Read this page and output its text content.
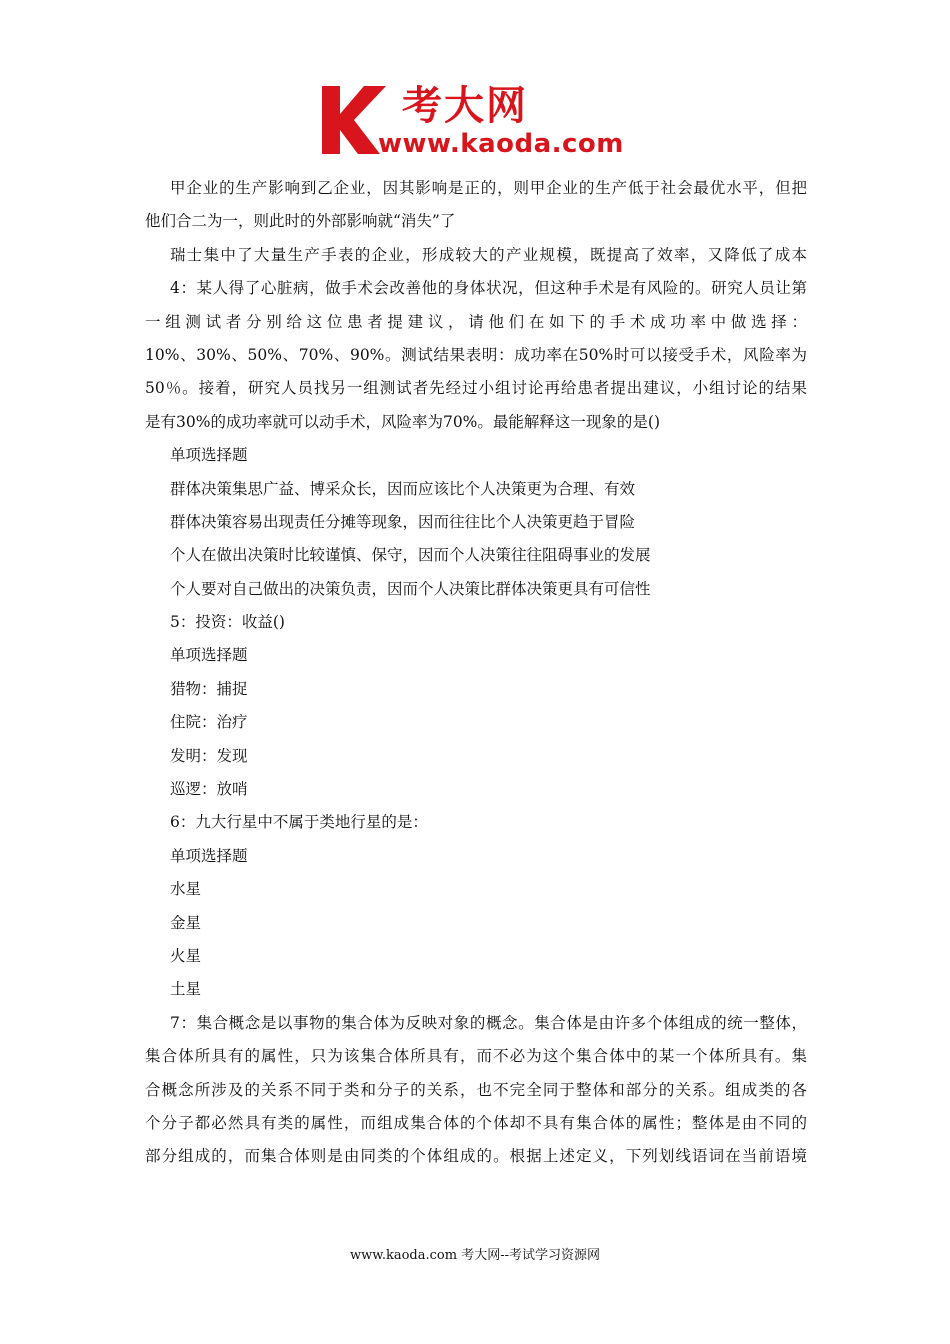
考大网
www.kaoda.com
甲企业的生产影响到乙企业，因其影响是正的，则甲企业的生产低于社会最优水平，但把
他们合二为一，则此时的外部影响就“消失”了
瑞士集中了大量生产手表的企业，形成较大的产业规模，既提高了效率，又降低了成本
4：某人得了心脏病，做手术会改善他的身体状况，但这种手术是有风险的。研究人员让第
一组测试者分别给这位患者提建议，请他们在如下的手术成功率中做选择：
10%、30%、50%、70%、90%。测试结果表明：成功率在50%时可以接受手术，风险率为
50％。接着，研究人员找另一组测试者先经过小组讨论再给患者提出建议，小组讨论的结果
是有30%的成功率就可以动手术，风险率为70%。最能解释这一现象的是()
单项选择题
群体决策集思广益、博采众长，因而应该比个人决策更为合理、有效
群体决策容易出现责任分摊等现象，因而往往比个人决策更趋于冒险
个人在做出决策时比较谨慎、保守，因而个人决策往往阻碍事业的发展
个人要对自己做出的决策负责，因而个人决策比群体决策更具有可信性
5：投资：收益()
单项选择题
猎物：捕捉
住院：治疗
发明：发现
巡逻：放哨
6：九大行星中不属于类地行星的是：
单项选择题
水星
金星
火星
土星
7：集合概念是以事物的集合体为反映对象的概念。集合体是由许多个体组成的统一整体，
集合体所具有的属性，只为该集合体所具有，而不必为这个集合体中的某一个体所具有。集
合概念所涉及的关系不同于类和分子的关系，也不完全同于整体和部分的关系。组成类的各
个分子都必然具有类的属性，而组成集合体的个体却不具有集合体的属性；整体是由不同的
部分组成的，而集合体则是由同类的个体组成的。根据上述定义，下列划线语词在当前语境
www.kaoda.com 考大网--考试学习资源网
